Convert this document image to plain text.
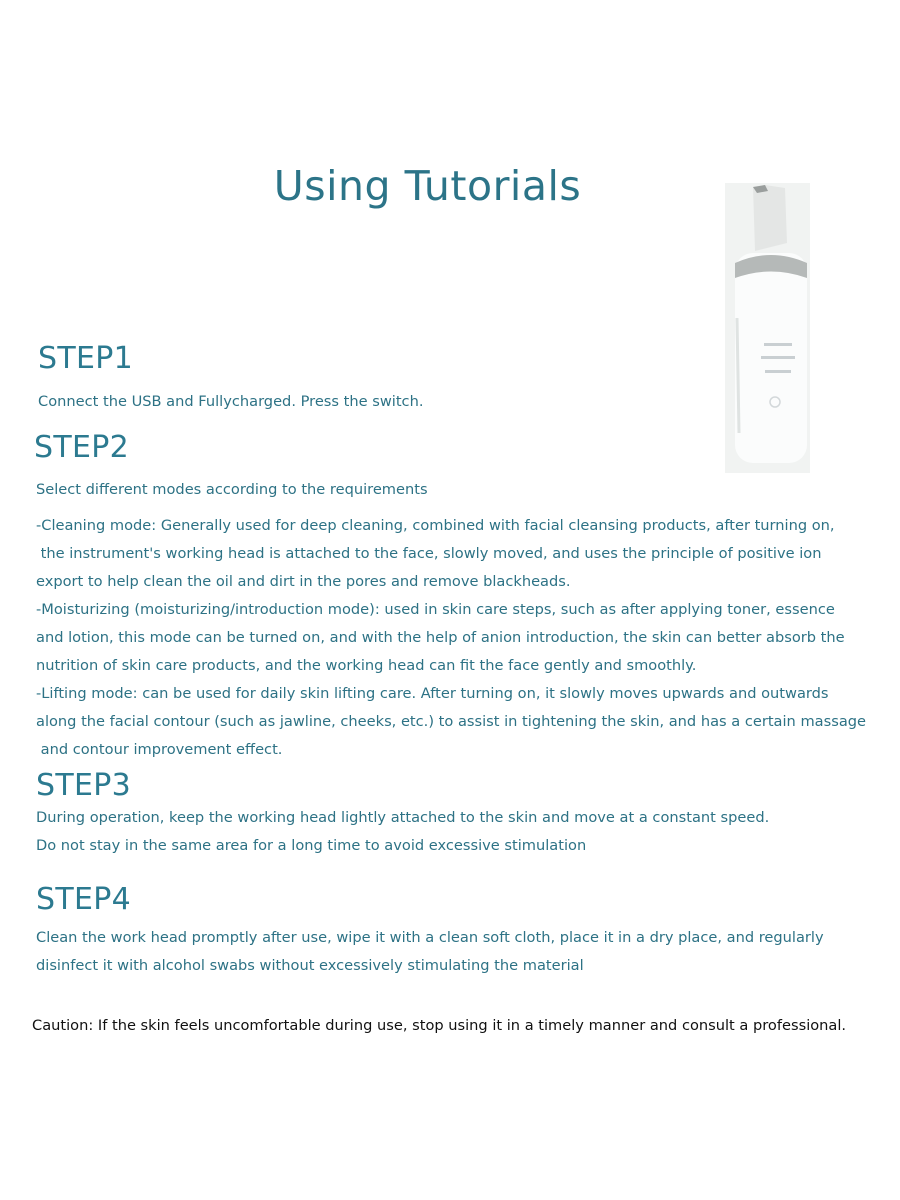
Using Tutorials
STEP1
Connect the USB and Fullycharged. Press the switch.
STEP2
Select different modes according to the requirements
-Cleaning mode: Generally used for deep cleaning, combined with facial cleansing products, after turning on,
the instrument's working head is attached to the face, slowly moved, and uses the principle of positive ion
export to help clean the oil and dirt in the pores and remove blackheads.
-Moisturizing (moisturizing/introduction mode): used in skin care steps, such as after applying toner, essence
and lotion, this mode can be turned on, and with the help of anion introduction, the skin can better absorb the
nutrition of skin care products, and the working head can fit the face gently and smoothly.
-Lifting mode: can be used for daily skin lifting care. After turning on, it slowly moves upwards and outwards
along the facial contour (such as jawline, cheeks, etc.) to assist in tightening the skin, and has a certain massage
and contour improvement effect.
STEP3
During operation, keep the working head lightly attached to the skin and move at a constant speed.
Do not stay in the same area for a long time to avoid excessive stimulation
STEP4
Clean the work head promptly after use, wipe it with a clean soft cloth, place it in a dry place, and regularly
disinfect it with alcohol swabs without excessively stimulating the material
Caution: If the skin feels uncomfortable during use, stop using it in a timely manner and consult a professional.
